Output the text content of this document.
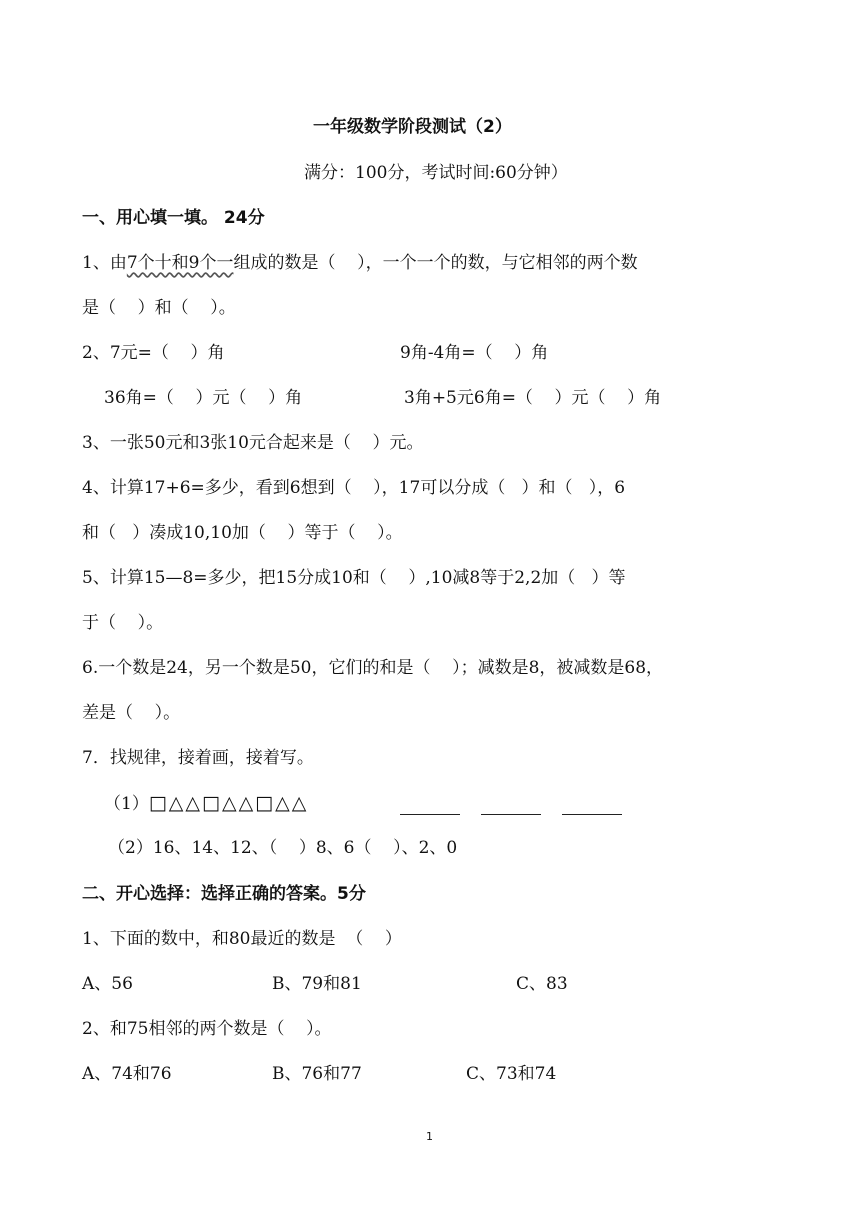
一年级数学阶段测试（2）
满分：100分，考试时间:60分钟）
一、用心填一填。 24分
1、由7个十和9个一组成的数是（    ），一个一个的数，与它相邻的两个数
是（    ）和（    ）。
2、7元=（    ）角	9角-4角=（    ）角
36角=（    ）元（    ）角	3角+5元6角=（    ）元（    ）角
3、一张50元和3张10元合起来是（    ）元。
4、计算17+6=多少，看到6想到（    ），17可以分成（   ）和（   ），6
和（   ）凑成10,10加（    ）等于（    ）。
5、计算15—8=多少，把15分成10和（    ）,10减8等于2,2加（   ）等
于（    ）。
6.一个数是24，另一个数是50，它们的和是（    ）；减数是8，被减数是68，
差是（    ）。
7．找规律，接着画，接着写。
（1）□△△□△△□△△
（2）16、14、12、（    ）8、6（    ）、2、0
二、开心选择：选择正确的答案。5分
1、下面的数中，和80最近的数是  （    ）
A、56	B、79和81	C、83
2、和75相邻的两个数是（    ）。
A、74和76	B、76和77	C、73和74
1
